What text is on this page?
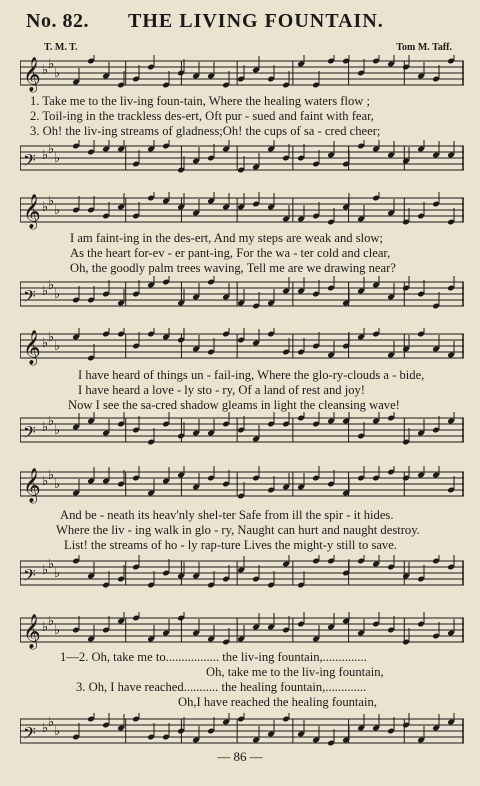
No. 82. THE LIVING FOUNTAIN.
T. M. T.	Tom M. Taff.
𝄞 ♭ ♭
♭
1. Take me to the liv-ing foun-tain, Where the healing waters flow ;
2. Toil-ing in the trackless des-ert, Oft pur - sued and faint with fear,
3. Oh! the liv-ing streams of gladness;Oh! the cups of sa - cred cheer;
𝄢 ♭ ♭
♭
𝄞 ♭ ♭
♭
I am faint-ing in the des-ert, And my steps are weak and slow;
As the heart for-ev - er pant-ing, For the wa - ter cold and clear,
Oh, the goodly palm trees waving, Tell me are we drawing near?
𝄢 ♭ ♭
♭
𝄞 ♭ ♭
♭
I have heard of things un - fail-ing, Where the glo-ry-clouds a - bide,
I have heard a love - ly sto - ry, Of a land of rest and joy!
Now I see the sa-cred shadow gleams in light the cleansing wave!
𝄢 ♭ ♭
♭
𝄞 ♭ ♭
♭
And be - neath its heav'nly shel-ter Safe from ill the spir - it hides.
Where the liv - ing walk in glo - ry, Naught can hurt and naught destroy.
List! the streams of ho - ly rap-ture Lives the might-y still to save.
𝄢 ♭ ♭
♭
𝄞 ♭ ♭
♭
1—2. Oh, take me to................. the liv-ing fountain,..............
Oh, take me to the liv-ing fountain,
3. Oh, I have reached........... the healing fountain,.............
Oh,I have reached the healing fountain,
𝄢 ♭ ♭
♭
— 86 —
